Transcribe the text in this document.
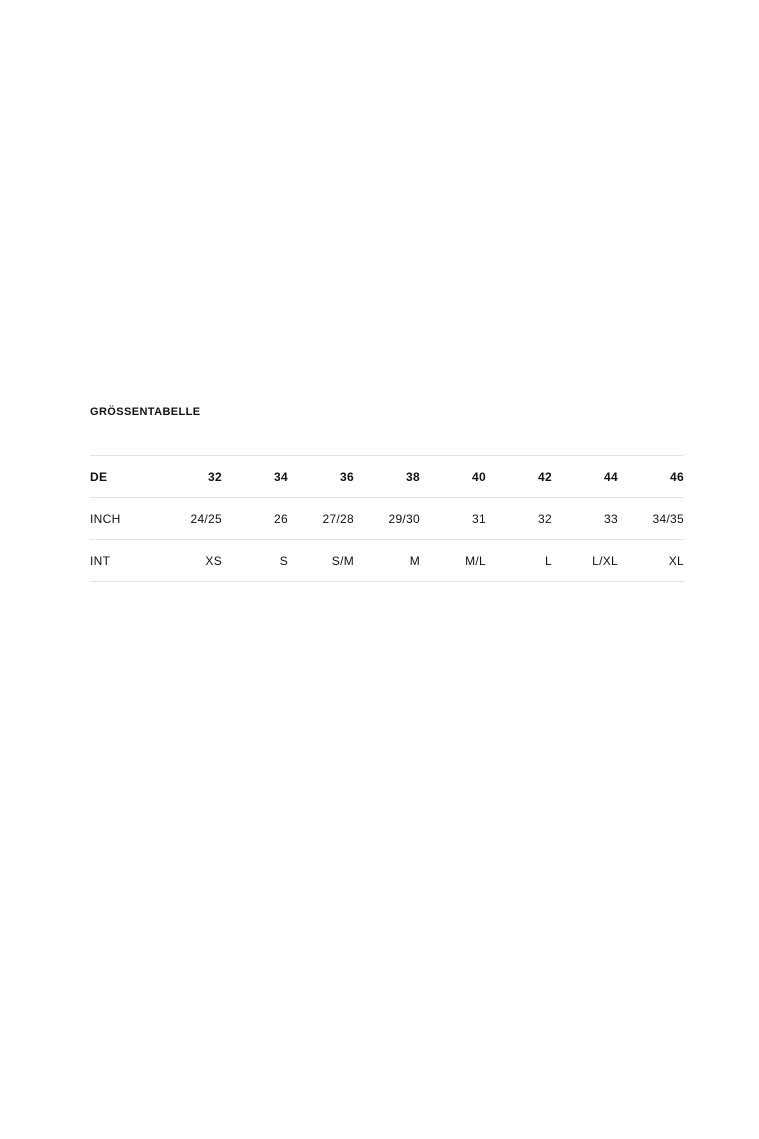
GRÖSSENTABELLE
DE	32	34	36	38	40	42	44	46
INCH	24/25	26	27/28	29/30	31	32	33	34/35
INT	XS	S	S/M	M	M/L	L	L/XL	XL
